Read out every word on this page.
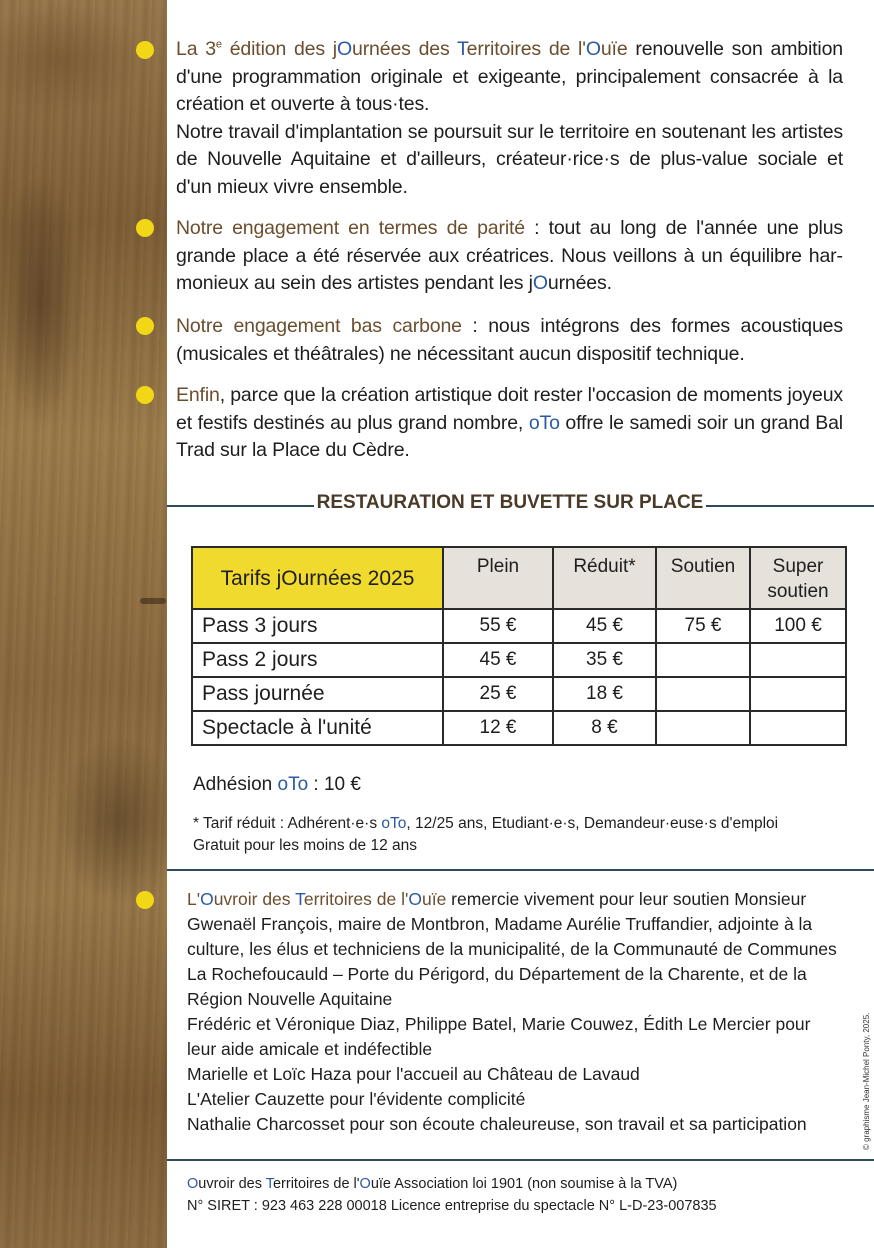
La 3e édition des jOurnées des Territoires de l'Ouïe renouvelle son ambition d'une programmation originale et exigeante, principalement consacrée à la création et ouverte à tous·tes.
Notre travail d'implantation se poursuit sur le territoire en soutenant les artistes de Nouvelle Aquitaine et d'ailleurs, créateur·rice·s de plus-value sociale et d'un mieux vivre ensemble.
Notre engagement en termes de parité : tout au long de l'année une plus grande place a été réservée aux créatrices. Nous veillons à un équilibre harmonieux au sein des artistes pendant les jOurnées.
Notre engagement bas carbone : nous intégrons des formes acoustiques (musicales et théâtrales) ne nécessitant aucun dispositif technique.
Enfin, parce que la création artistique doit rester l'occasion de moments joyeux et festifs destinés au plus grand nombre, oTo offre le samedi soir un grand Bal Trad sur la Place du Cèdre.
RESTAURATION ET BUVETTE SUR PLACE
Tarifs jOurnées 2025	Plein	Réduit*	Soutien	Super soutien
Pass 3 jours	55 €	45 €	75 €	100 €
Pass 2 jours	45 €	35 €		
Pass journée	25 €	18 €		
Spectacle à l'unité	12 €	8 €		
Adhésion oTo : 10 €
* Tarif réduit : Adhérent·e·s oTo, 12/25 ans, Etudiant·e·s, Demandeur·euse·s d'emploi
Gratuit pour les moins de 12 ans
L'Ouvroir des Territoires de l'Ouïe remercie vivement pour leur soutien Monsieur Gwenaël François, maire de Montbron, Madame Aurélie Truffandier, adjointe à la culture, les élus et techniciens de la municipalité, de la Communauté de Communes La Rochefoucauld – Porte du Périgord, du Département de la Charente, et de la Région Nouvelle Aquitaine
Frédéric et Véronique Diaz, Philippe Batel, Marie Couwez, Édith Le Mercier pour leur aide amicale et indéfectible
Marielle et Loïc Haza pour l'accueil au Château de Lavaud
L'Atelier Cauzette pour l'évidente complicité
Nathalie Charcosset pour son écoute chaleureuse, son travail et sa participation
Ouvroir des Territoires de l'Ouïe Association loi 1901 (non soumise à la TVA)
N° SIRET : 923 463 228 00018 Licence entreprise du spectacle N° L-D-23-007835
© graphisme Jean-Michel Ponty, 2025.
